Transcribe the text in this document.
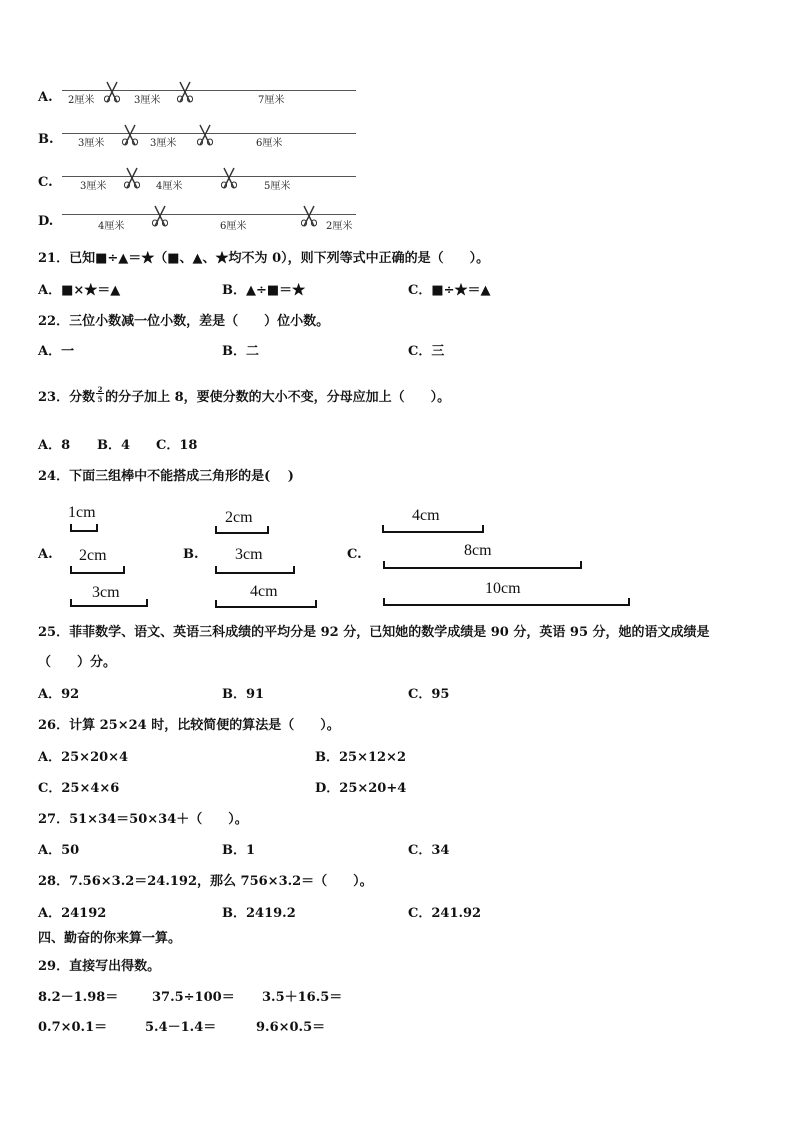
A. 2厘米	3厘米	7厘米
B. 3厘米	3厘米	6厘米
C.	3厘米	4厘米	5厘米
D.	4厘米	6厘米	2厘米
21．已知■÷▲＝★（■、▲、★均不为 0），则下列等式中正确的是（　　）。
A．■×★＝▲	B．▲÷■＝★	C．■÷★＝▲
22．三位小数减一位小数，差是（　　）位小数。
A．一	B．二	C．三
23．分数 $\frac{2}{5}$ 的分子加上 8，要使分数的大小不变，分母应加上（　　）。
A．8 B．4 C．18
24．下面三组棒中不能搭成三角形的是(　 )
A.
1cm
2cm
3cm
B.
2cm
3cm
4cm
C.
4cm
8cm
10cm
25．菲菲数学、语文、英语三科成绩的平均分是 92 分，已知她的数学成绩是 90 分，英语 95 分，她的语文成绩是
（　　）分。
A．92	B．91	C．95
26．计算 25×24 时，比较简便的算法是（　　）。
A．25×20×4	B．25×12×2
C．25×4×6	D．25×20+4
27．51×34＝50×34＋（　　）。
A．50	B．1	C．34
28．7.56×3.2＝24.192，那么 756×3.2＝（　　）。
A．24192	B．2419.2	C．241.92
四、勤奋的你来算一算。
29．直接写出得数。
8.2－1.98＝	37.5÷100＝ 3.5＋16.5＝
0.7×0.1＝	5.4－1.4＝	9.6×0.5＝
